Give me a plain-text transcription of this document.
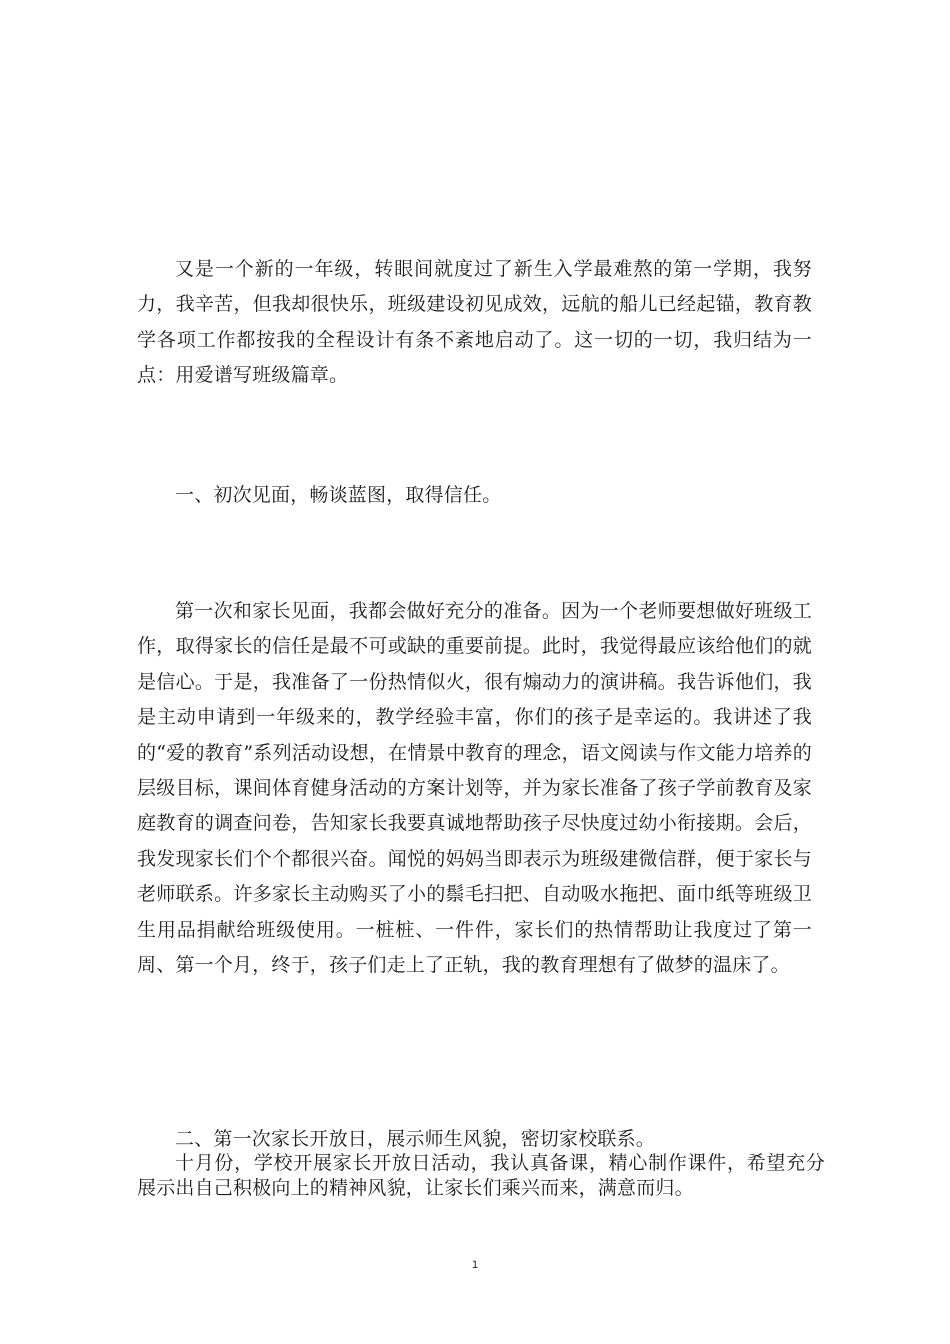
又是一个新的一年级，转眼间就度过了新生入学最难熬的第一学期，我努力，我辛苦，但我却很快乐，班级建设初见成效，远航的船儿已经起锚，教育教学各项工作都按我的全程设计有条不紊地启动了。这一切的一切，我归结为一点：用爱谱写班级篇章。

一、初次见面，畅谈蓝图，取得信任。

第一次和家长见面，我都会做好充分的准备。因为一个老师要想做好班级工作，取得家长的信任是最不可或缺的重要前提。此时，我觉得最应该给他们的就是信心。于是，我准备了一份热情似火，很有煽动力的演讲稿。我告诉他们，我是主动申请到一年级来的，教学经验丰富，你们的孩子是幸运的。我讲述了我的“爱的教育”系列活动设想，在情景中教育的理念，语文阅读与作文能力培养的层级目标，课间体育健身活动的方案计划等，并为家长准备了孩子学前教育及家庭教育的调查问卷，告知家长我要真诚地帮助孩子尽快度过幼小衔接期。会后，我发现家长们个个都很兴奋。闻悦的妈妈当即表示为班级建微信群，便于家长与老师联系。许多家长主动购买了小的鬃毛扫把、自动吸水拖把、面巾纸等班级卫生用品捐献给班级使用。一桩桩、一件件，家长们的热情帮助让我度过了第一周、第一个月，终于，孩子们走上了正轨，我的教育理想有了做梦的温床了。

二、第一次家长开放日，展示师生风貌，密切家校联系。

十月份，学校开展家长开放日活动，我认真备课，精心制作课件，希望充分展示出自己积极向上的精神风貌，让家长们乘兴而来，满意而归。

1
